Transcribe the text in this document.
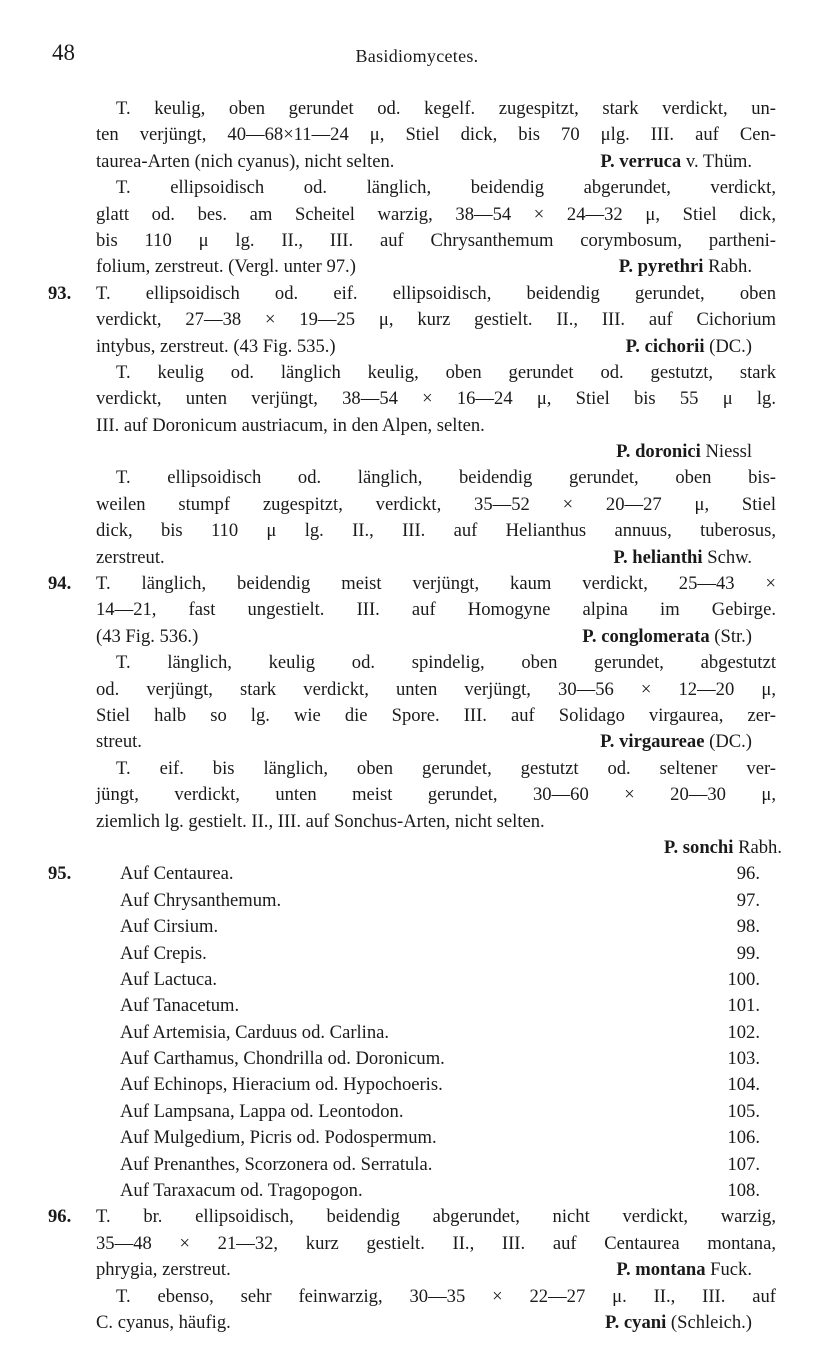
48	Basidiomycetes.
T. keulig, oben gerundet od. kegelf. zugespitzt, stark verdickt, un-
ten verjüngt, 40—68×11—24 μ, Stiel dick, bis 70 μlg. III. auf Cen-
taurea-Arten (nich cyanus), nicht selten.	P. verruca v. Thüm.
T. ellipsoidisch od. länglich, beidendig abgerundet, verdickt,
glatt od. bes. am Scheitel warzig, 38—54 × 24—32 μ, Stiel dick,
bis 110 μ lg. II., III. auf Chrysanthemum corymbosum, partheni-
folium, zerstreut. (Vergl. unter 97.)	P. pyrethri Rabh.
93. T. ellipsoidisch od. eif. ellipsoidisch, beidendig gerundet, oben
verdickt, 27—38 × 19—25 μ, kurz gestielt. II., III. auf Cichorium
intybus, zerstreut. (43 Fig. 535.)	P. cichorii (DC.)
T. keulig od. länglich keulig, oben gerundet od. gestutzt, stark
verdickt, unten verjüngt, 38—54 × 16—24 μ, Stiel bis 55 μ lg.
III. auf Doronicum austriacum, in den Alpen, selten.
P. doronici Niessl
T. ellipsoidisch od. länglich, beidendig gerundet, oben bis-
weilen stumpf zugespitzt, verdickt, 35—52 × 20—27 μ, Stiel
dick, bis 110 μ lg. II., III. auf Helianthus annuus, tuberosus,
zerstreut.	P. helianthi Schw.
94. T. länglich, beidendig meist verjüngt, kaum verdickt, 25—43 ×
14—21, fast ungestielt. III. auf Homogyne alpina im Gebirge.
(43 Fig. 536.)	P. conglomerata (Str.)
T. länglich, keulig od. spindelig, oben gerundet, abgestutzt
od. verjüngt, stark verdickt, unten verjüngt, 30—56 × 12—20 μ,
Stiel halb so lg. wie die Spore. III. auf Solidago virgaurea, zer-
streut.	P. virgaureae (DC.)
T. eif. bis länglich, oben gerundet, gestutzt od. seltener ver-
jüngt, verdickt, unten meist gerundet, 30—60 × 20—30 μ,
ziemlich lg. gestielt. II., III. auf Sonchus-Arten, nicht selten.
P. sonchi Rabh.
95.	Auf Centaurea.	96.
Auf Chrysanthemum.	97.
Auf Cirsium.	98.
Auf Crepis.	99.
Auf Lactuca.	100.
Auf Tanacetum.	101.
Auf Artemisia, Carduus od. Carlina.	102.
Auf Carthamus, Chondrilla od. Doronicum.	103.
Auf Echinops, Hieracium od. Hypochoeris.	104.
Auf Lampsana, Lappa od. Leontodon.	105.
Auf Mulgedium, Picris od. Podospermum.	106.
Auf Prenanthes, Scorzonera od. Serratula.	107.
Auf Taraxacum od. Tragopogon.	108.
96. T. br. ellipsoidisch, beidendig abgerundet, nicht verdickt, warzig,
35—48 × 21—32, kurz gestielt. II., III. auf Centaurea montana,
phrygia, zerstreut.	P. montana Fuck.
T. ebenso, sehr feinwarzig, 30—35 × 22—27 μ. II., III. auf
C. cyanus, häufig.	P. cyani (Schleich.)
